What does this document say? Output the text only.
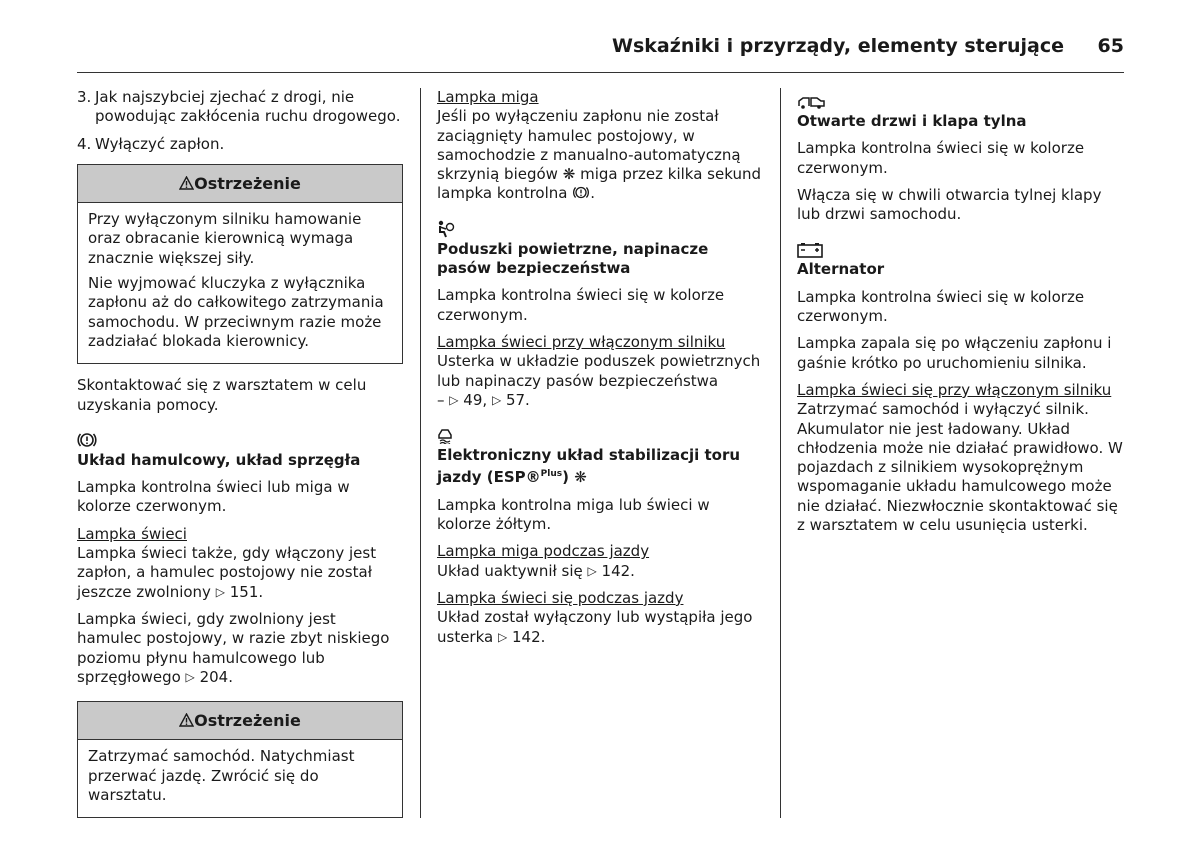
Wskaźniki i przyrządy, elementy sterujące 65
3. Jak najszybciej zjechać z drogi, nie powodując zakłócenia ruchu drogowego.
4. Wyłączyć zapłon.
Ostrzeżenie

Przy wyłączonym silniku hamowanie oraz obracanie kierownicą wymaga znacznie większej siły.

Nie wyjmować kluczyka z wyłącznika zapłonu aż do całkowitego zatrzymania samochodu. W przeciwnym razie może zadziałać blokada kierownicy.

Skontaktować się z warsztatem w celu uzyskania pomocy.

Układ hamulcowy, układ sprzęgła

Lampka kontrolna świeci lub miga w kolorze czerwonym.

Lampka świeci

Lampka świeci także, gdy włączony jest zapłon, a hamulec postojowy nie został jeszcze zwolniony ▷ 151.

Lampka świeci, gdy zwolniony jest hamulec postojowy, w razie zbyt niskiego poziomu płynu hamulcowego lub sprzęgłowego ▷ 204.

Ostrzeżenie

Zatrzymać samochód. Natychmiast przerwać jazdę. Zwrócić się do warsztatu.

Lampka miga

Jeśli po wyłączeniu zapłonu nie został zaciągnięty hamulec postojowy, w samochodzie z manualno-automatyczną skrzynią biegów ❋ miga przez kilka sekund lampka kontrolna .

Poduszki powietrzne, napinacze pasów bezpieczeństwa

Lampka kontrolna świeci się w kolorze czerwonym.

Lampka świeci przy włączonym silniku

Usterka w układzie poduszek powietrznych lub napinaczy pasów bezpieczeństwa
– ▷ 49, ▷ 57.

Elektroniczny układ stabilizacji toru jazdy (ESP®$^{Plus}$) ❋

Lampka kontrolna miga lub świeci w kolorze żółtym.

Lampka miga podczas jazdy

Układ uaktywnił się ▷ 142.

Lampka świeci się podczas jazdy

Układ został wyłączony lub wystąpiła jego usterka ▷ 142.

Otwarte drzwi i klapa tylna

Lampka kontrolna świeci się w kolorze czerwonym.

Włącza się w chwili otwarcia tylnej klapy lub drzwi samochodu.

Alternator

Lampka kontrolna świeci się w kolorze czerwonym.

Lampka zapala się po włączeniu zapłonu i gaśnie krótko po uruchomieniu silnika.

Lampka świeci się przy włączonym silniku

Zatrzymać samochód i wyłączyć silnik. Akumulator nie jest ładowany. Układ chłodzenia może nie działać prawidłowo. W pojazdach z silnikiem wysokoprężnym wspomaganie układu hamulcowego może nie działać. Niezwłocznie skontaktować się z warsztatem w celu usunięcia usterki.
